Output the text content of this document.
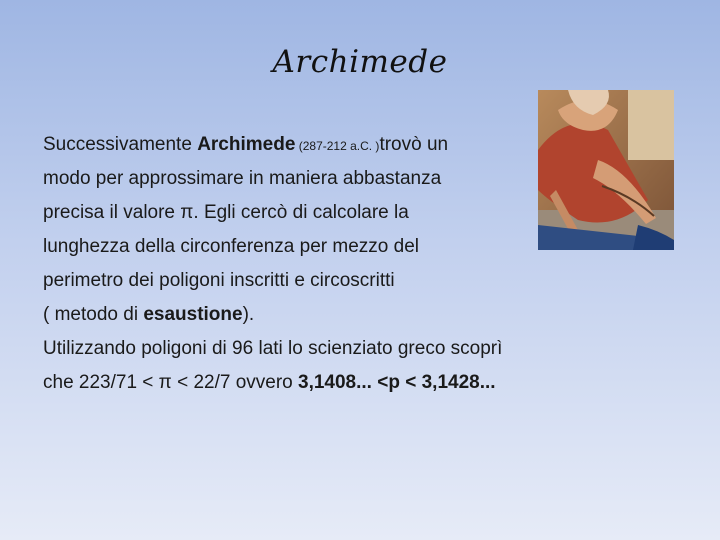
Archimede
Successivamente Archimede (287-212 a.C. )trovò un
modo per approssimare in maniera abbastanza
precisa il valore π. Egli cercò di calcolare la
lunghezza della circonferenza per mezzo del
perimetro dei poligoni inscritti e circoscritti
( metodo di esaustione).
Utilizzando poligoni di 96 lati lo scienziato greco scoprì
che 223/71 < π < 22/7 ovvero 3,1408... <p < 3,1428...
